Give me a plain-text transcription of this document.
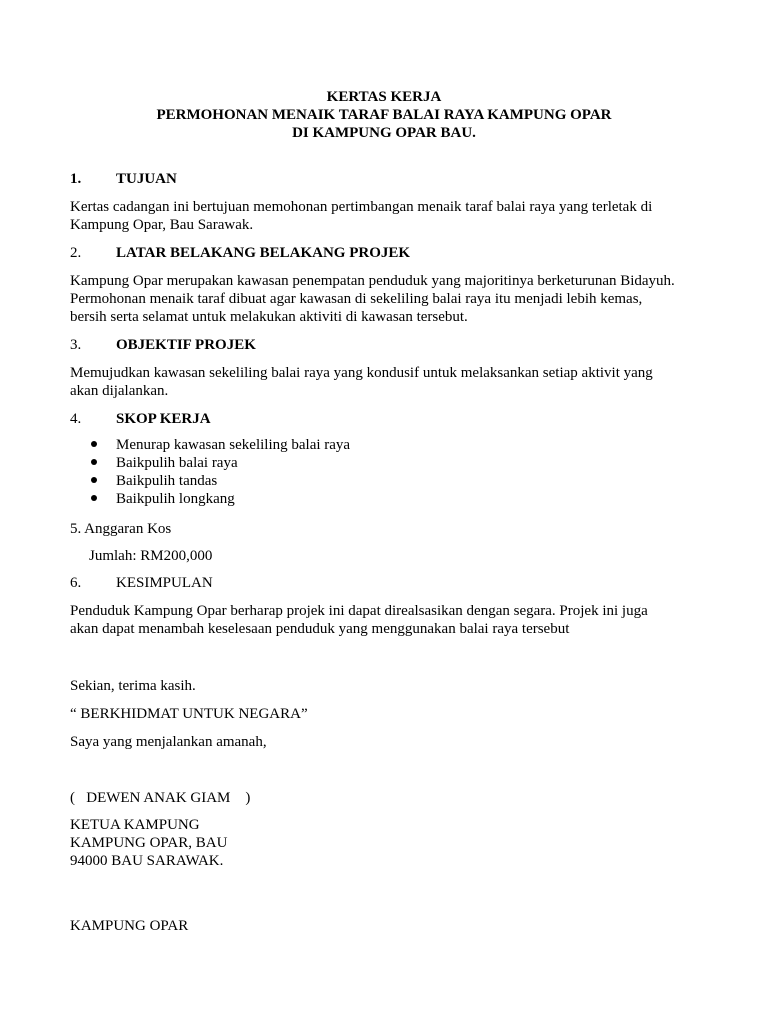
KERTAS KERJA
PERMOHONAN MENAIK TARAF BALAI RAYA KAMPUNG OPAR
DI KAMPUNG OPAR BAU.
1. TUJUAN
Kertas cadangan ini bertujuan memohonan pertimbangan menaik taraf balai raya yang terletak di
Kampung Opar, Bau Sarawak.
2. LATAR BELAKANG BELAKANG PROJEK
Kampung Opar merupakan kawasan penempatan penduduk yang majoritinya berketurunan Bidayuh.
Permohonan menaik taraf dibuat agar kawasan di sekeliling balai raya itu menjadi lebih kemas,
bersih serta selamat untuk melakukan aktiviti di kawasan tersebut.
3. OBJEKTIF PROJEK
Memujudkan kawasan sekeliling balai raya yang kondusif untuk melaksankan setiap aktivit yang
akan dijalankan.
4. SKOP KERJA
Menurap kawasan sekeliling balai raya
Baikpulih balai raya
Baikpulih tandas
Baikpulih longkang
5. Anggaran Kos
Jumlah: RM200,000
6. KESIMPULAN
Penduduk Kampung Opar berharap projek ini dapat direalsasikan dengan segara. Projek ini juga
akan dapat menambah keselesaan penduduk yang menggunakan balai raya tersebut
Sekian, terima kasih.
“ BERKHIDMAT UNTUK NEGARA”
Saya yang menjalankan amanah,
(   DEWEN ANAK GIAM    )
KETUA KAMPUNG
KAMPUNG OPAR, BAU
94000 BAU SARAWAK.
KAMPUNG OPAR
